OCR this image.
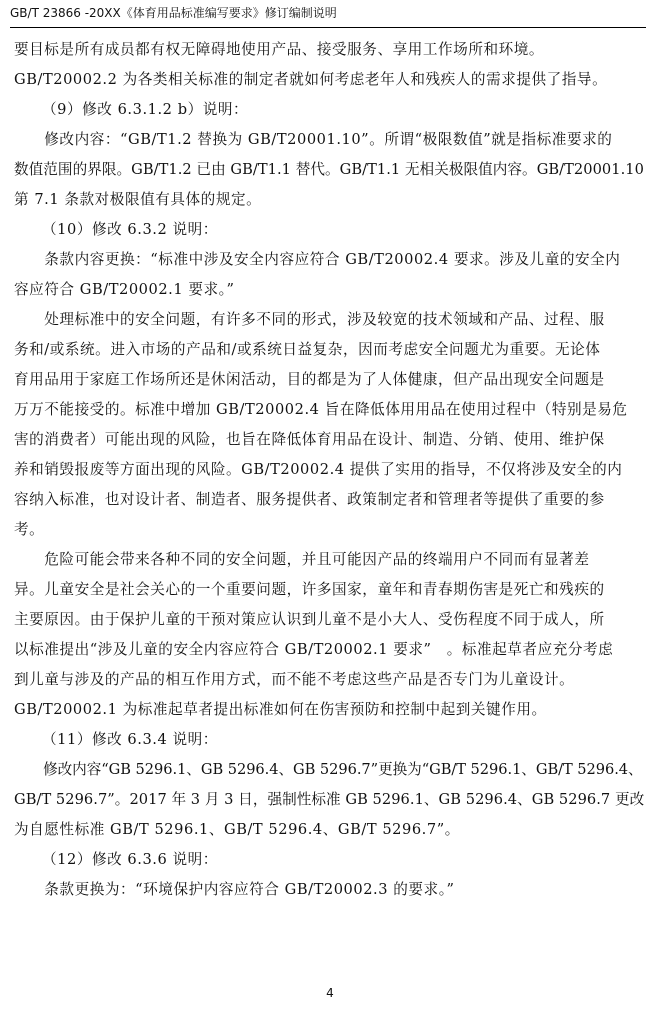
GB/T 23866 -20XX《体育用品标准编写要求》修订编制说明
要目标是所有成员都有权无障碍地使用产品、接受服务、享用工作场所和环境。
GB/T20002.2 为各类相关标准的制定者就如何考虑老年人和残疾人的需求提供了指导。
（9）修改 6.3.1.2 b）说明：
　　修改内容：“GB/T1.2 替换为 GB/T20001.10”。所谓“极限数值”就是指标准要求的
数值范围的界限。GB/T1.2 已由 GB/T1.1 替代。GB/T1.1 无相关极限值内容。GB/T20001.10
第 7.1 条款对极限值有具体的规定。
（10）修改 6.3.2 说明：
　　条款内容更换：“标准中涉及安全内容应符合 GB/T20002.4 要求。涉及儿童的安全内
容应符合 GB/T20002.1 要求。”
　　处理标准中的安全问题，有许多不同的形式，涉及较宽的技术领域和产品、过程、服
务和/或系统。进入市场的产品和/或系统日益复杂，因而考虑安全问题尤为重要。无论体
育用品用于家庭工作场所还是休闲活动，目的都是为了人体健康，但产品出现安全问题是
万万不能接受的。标准中增加 GB/T20002.4 旨在降低体用用品在使用过程中（特别是易危
害的消费者）可能出现的风险，也旨在降低体育用品在设计、制造、分销、使用、维护保
养和销毁报废等方面出现的风险。GB/T20002.4 提供了实用的指导，不仅将涉及安全的内
容纳入标准，也对设计者、制造者、服务提供者、政策制定者和管理者等提供了重要的参
考。
　　危险可能会带来各种不同的安全问题，并且可能因产品的终端用户不同而有显著差
异。儿童安全是社会关心的一个重要问题，许多国家，童年和青春期伤害是死亡和残疾的
主要原因。由于保护儿童的干预对策应认识到儿童不是小大人、受伤程度不同于成人，所
以标准提出“涉及儿童的安全内容应符合 GB/T20002.1 要求”　。标准起草者应充分考虑
到儿童与涉及的产品的相互作用方式，而不能不考虑这些产品是否专门为儿童设计。
GB/T20002.1 为标准起草者提出标准如何在伤害预防和控制中起到关键作用。
（11）修改 6.3.4 说明：
　　修改内容“GB 5296.1、GB 5296.4、GB 5296.7”更换为“GB/T 5296.1、GB/T 5296.4、
GB/T 5296.7”。2017 年 3 月 3 日，强制性标准 GB 5296.1、GB 5296.4、GB 5296.7 更改
为自愿性标准 GB/T 5296.1、GB/T 5296.4、GB/T 5296.7”。
（12）修改 6.3.6 说明：
　　条款更换为：“环境保护内容应符合 GB/T20002.3 的要求。”
4
